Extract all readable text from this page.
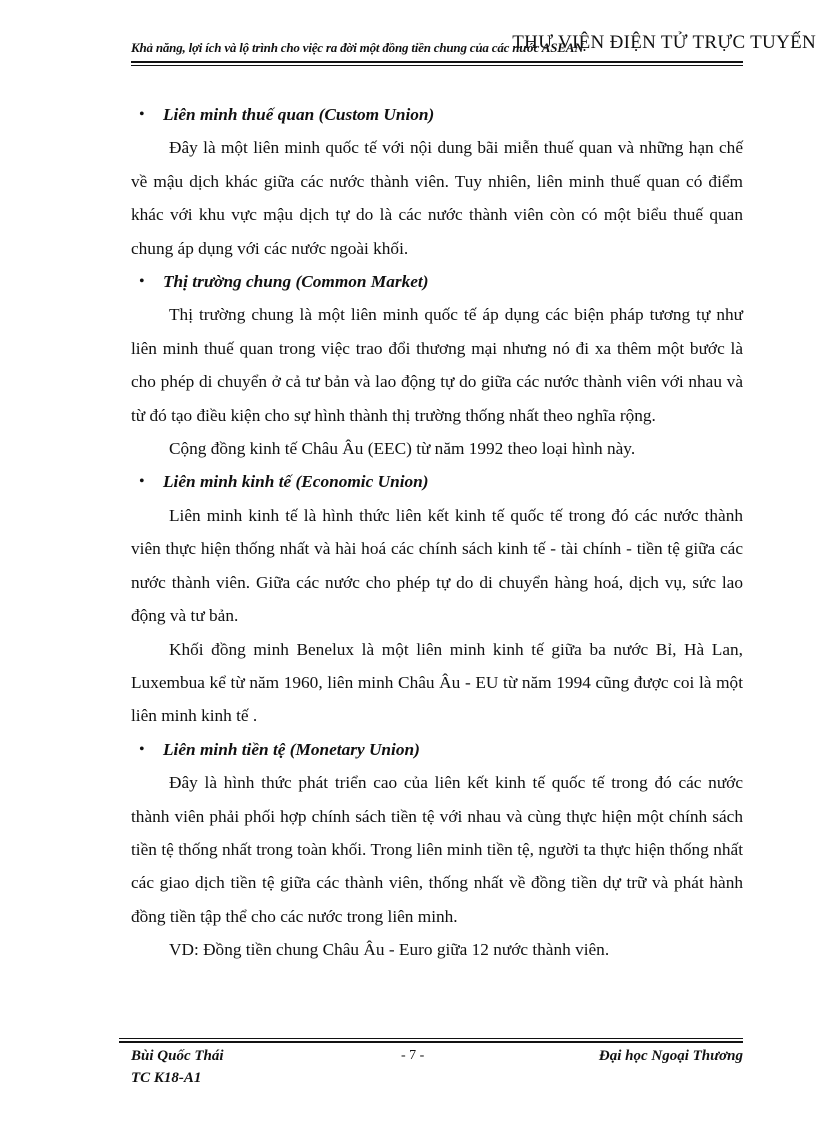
Khả năng, lợi ích và lộ trình cho việc ra đời một đồng tiền chung của các nước ASEAN
THƯ VIỆN ĐIỆN TỬ TRỰC TUYẾN

• Liên minh thuế quan (Custom Union)

Đây là một liên minh quốc tế với nội dung bãi miễn thuế quan và những hạn chế về mậu dịch khác giữa các nước thành viên. Tuy nhiên, liên minh thuế quan có điểm khác với khu vực mậu dịch tự do là các nước thành viên còn có một biểu thuế quan chung áp dụng với các nước ngoài khối.

• Thị trường chung (Common Market)

Thị trường chung là một liên minh quốc tế áp dụng các biện pháp tương tự như liên minh thuế quan trong việc trao đổi thương mại nhưng nó đi xa thêm một bước là cho phép di chuyển ở cả tư bản và lao động tự do giữa các nước thành viên với nhau và từ đó tạo điều kiện cho sự hình thành thị trường thống nhất theo nghĩa rộng.

Cộng đồng kinh tế Châu Âu (EEC) từ năm 1992 theo loại hình này.

• Liên minh kinh tế (Economic Union)

Liên minh kinh tế là hình thức liên kết kinh tế quốc tế trong đó các nước thành viên thực hiện thống nhất và hài hoá các chính sách kinh tế - tài chính - tiền tệ giữa các nước thành viên. Giữa các nước cho phép tự do di chuyển hàng hoá, dịch vụ, sức lao động và tư bản.

Khối đồng minh Benelux là một liên minh kinh tế giữa ba nước Bỉ, Hà Lan, Luxembua kể từ năm 1960, liên minh Châu Âu - EU từ năm 1994 cũng được coi là một liên minh kinh tế .

• Liên minh tiền tệ (Monetary Union)

Đây là hình thức phát triển cao của liên kết kinh tế quốc tế trong đó các nước thành viên phải phối hợp chính sách tiền tệ với nhau và cùng thực hiện một chính sách tiền tệ thống nhất trong toàn khối. Trong liên minh tiền tệ, người ta thực hiện thống nhất các giao dịch tiền tệ giữa các thành viên, thống nhất về đồng tiền dự trữ và phát hành đồng tiền tập thể cho các nước trong liên minh.

VD: Đồng tiền chung Châu Âu - Euro giữa 12 nước thành viên.

Bùi Quốc Thái
TC K18-A1
- 7 -	Đại học Ngoại Thương
